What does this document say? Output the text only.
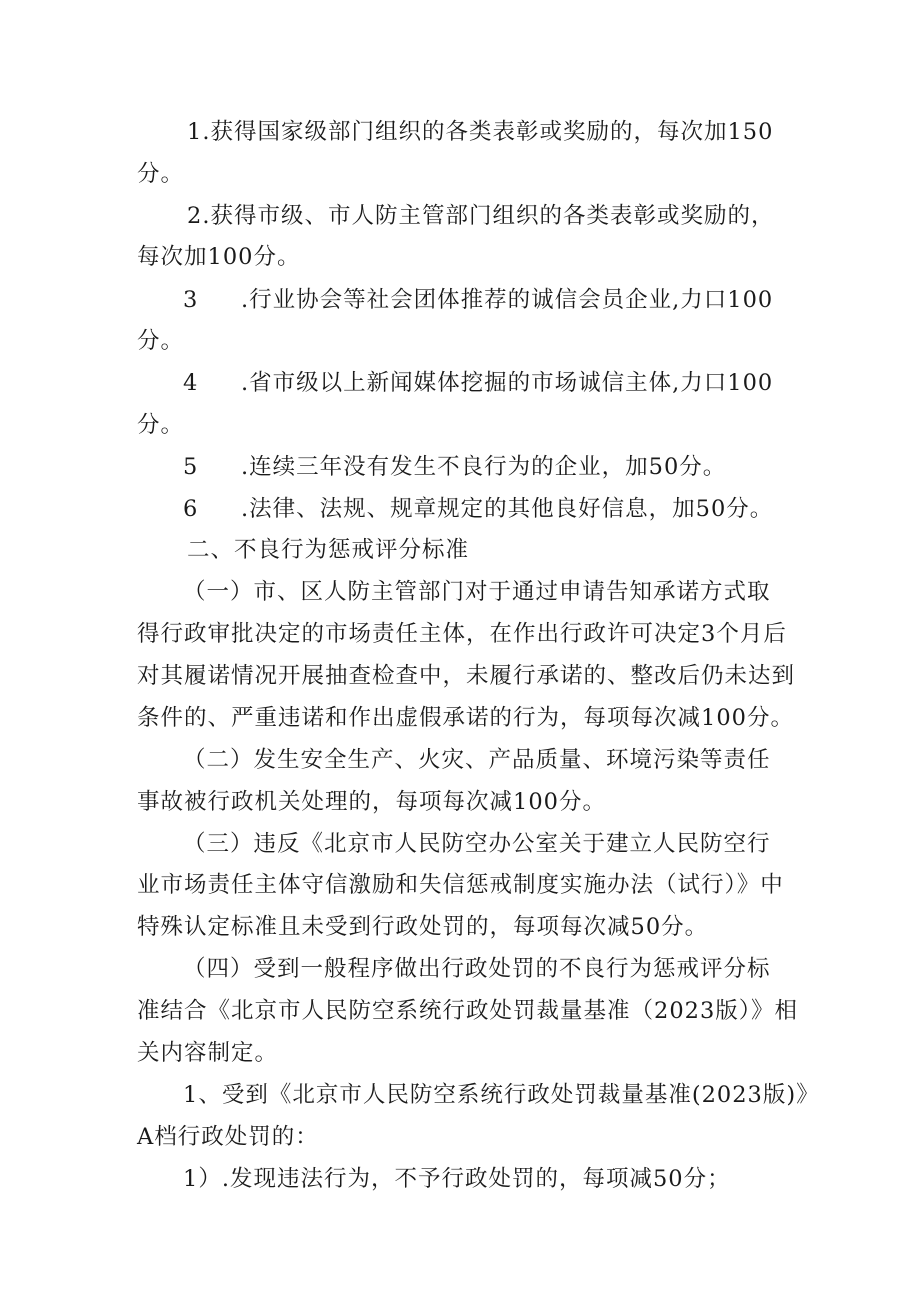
1.获得国家级部门组织的各类表彰或奖励的，每次加150

分。

2.获得市级、市人防主管部门组织的各类表彰或奖励的，

每次加100分。

3 .行业协会等社会团体推荐的诚信会员企业,力口100

分。

4 .省市级以上新闻媒体挖掘的市场诚信主体,力口100

分。

5 .连续三年没有发生不良行为的企业，加50分。

6 .法律、法规、规章规定的其他良好信息，加50分。

二、不良行为惩戒评分标准

（一）市、区人防主管部门对于通过申请告知承诺方式取

得行政审批决定的市场责任主体，在作出行政许可决定3个月后

对其履诺情况开展抽查检查中，未履行承诺的、整改后仍未达到

条件的、严重违诺和作出虚假承诺的行为，每项每次减100分。

（二）发生安全生产、火灾、产品质量、环境污染等责任

事故被行政机关处理的，每项每次减100分。

（三）违反《北京市人民防空办公室关于建立人民防空行

业市场责任主体守信激励和失信惩戒制度实施办法（试行）》中

特殊认定标准且未受到行政处罚的，每项每次减50分。

（四）受到一般程序做出行政处罚的不良行为惩戒评分标

准结合《北京市人民防空系统行政处罚裁量基准（2023版）》相

关内容制定。

1、受到《北京市人民防空系统行政处罚裁量基准(2023版)》

A档行政处罚的：

1）.发现违法行为，不予行政处罚的，每项减50分；
